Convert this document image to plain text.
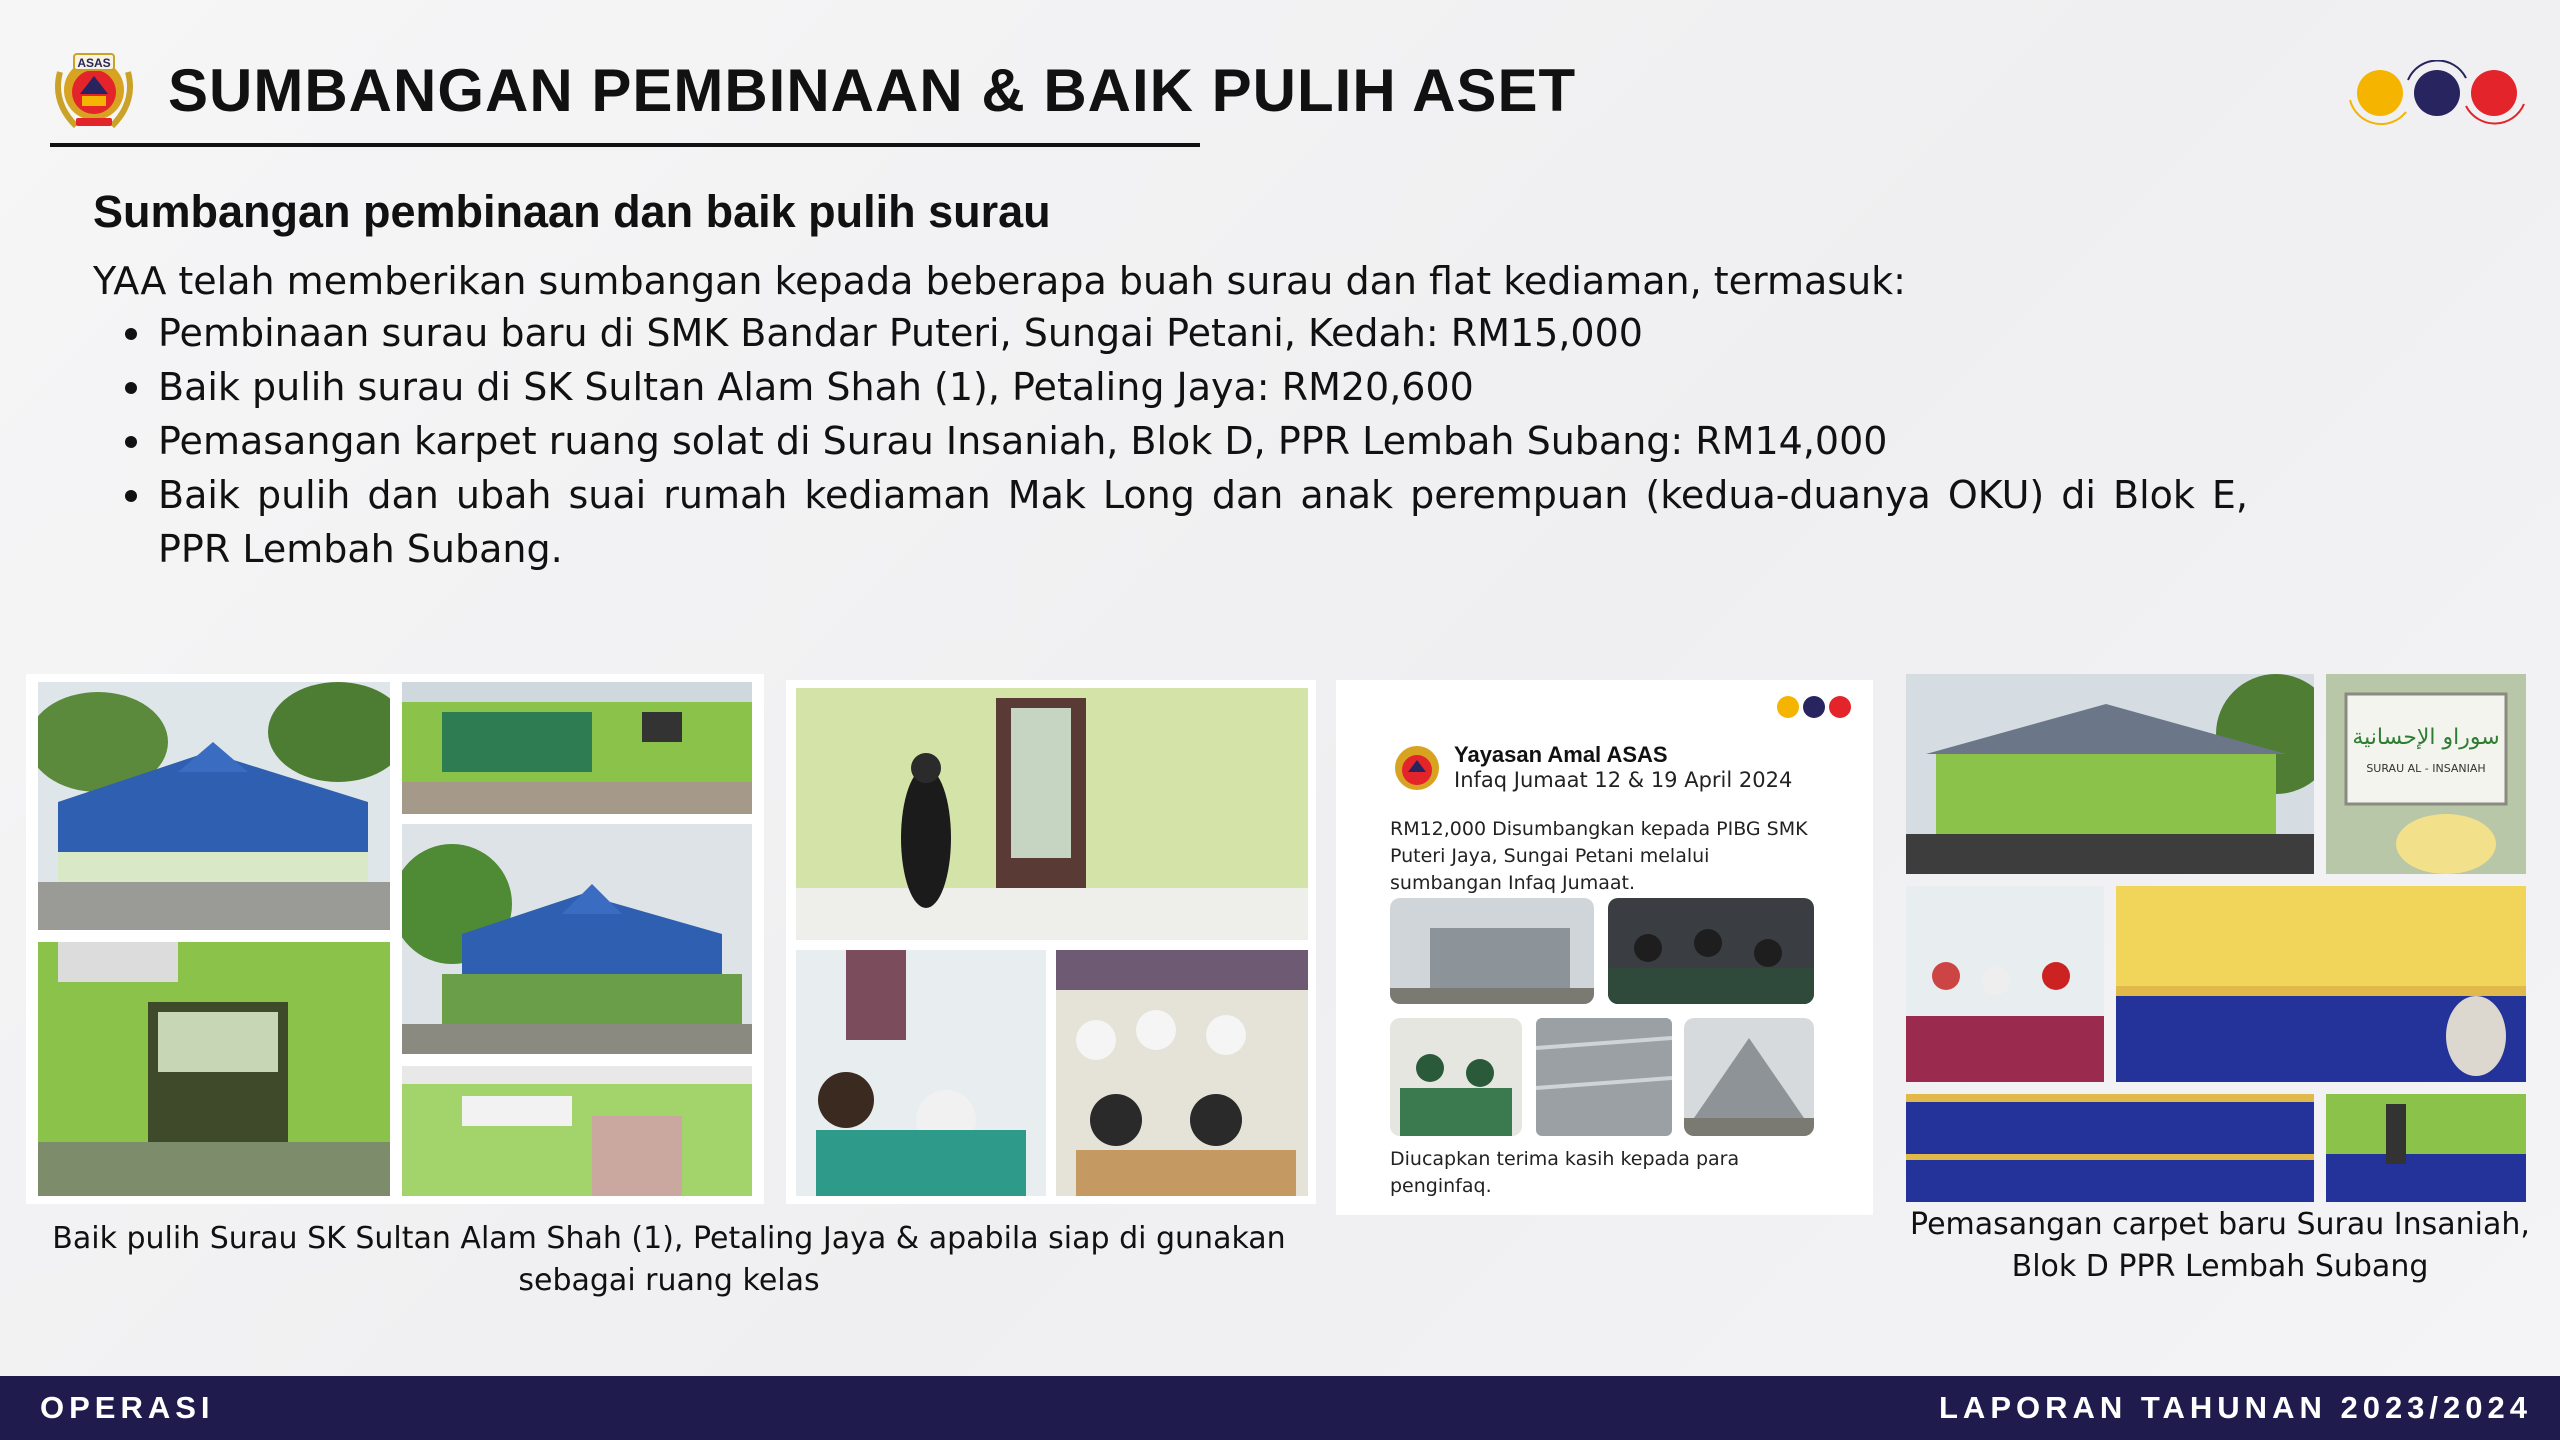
ASAS SUMBANGAN PEMBINAAN & BAIK PULIH ASET
Sumbangan pembinaan dan baik pulih surau
YAA telah memberikan sumbangan kepada beberapa buah surau dan flat kediaman, termasuk:
Pembinaan surau baru di SMK Bandar Puteri, Sungai Petani, Kedah: RM15,000
Baik pulih surau di SK Sultan Alam Shah (1), Petaling Jaya: RM20,600
Pemasangan karpet ruang solat di Surau Insaniah, Blok D, PPR Lembah Subang: RM14,000
Baik pulih dan ubah suai rumah kediaman Mak Long dan anak perempuan (kedua-duanya OKU) di Blok E, PPR Lembah Subang.
Baik pulih Surau SK Sultan Alam Shah (1), Petaling Jaya & apabila siap di gunakan sebagai ruang kelas
Yayasan Amal ASAS
Infaq Jumaat 12 & 19 April 2024
RM12,000 Disumbangkan kepada PIBG SMK Puteri Jaya, Sungai Petani melalui sumbangan Infaq Jumaat.
Diucapkan terima kasih kepada para penginfaq.
سوراو الإحسانية
SURAU AL - INSANIAH
Pemasangan carpet baru Surau Insaniah, Blok D PPR Lembah Subang
OPERASI	LAPORAN TAHUNAN 2023/2024
